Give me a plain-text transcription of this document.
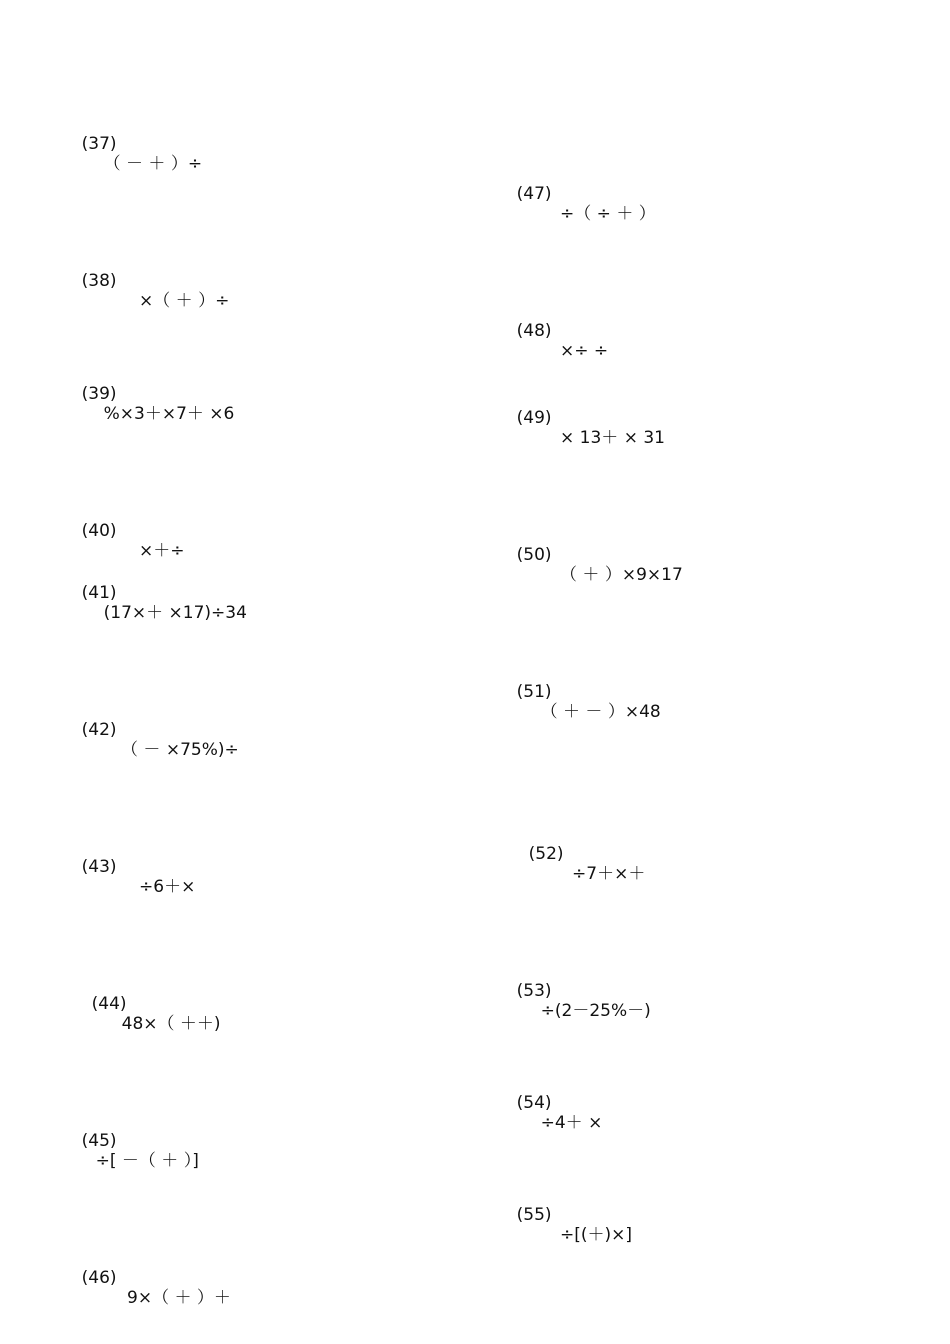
(37)
（ － ＋ ）÷

(38)
×（ ＋ ）÷

(39)
%×3＋×7＋ ×6

(40)
×＋÷

(41)
(17×＋ ×17)÷34

(42)
（ － ×75%)÷

(43)
÷6＋×

(44)
48×（ ＋＋)

(45)
÷[ －（ ＋ ）]

(46)
9×（ ＋ ）＋

(47)
÷（ ÷ ＋ ）

(48)
×÷ ÷

(49)
× 13＋ × 31

(50)
（ ＋ ）×9×17

(51)
（ ＋ － ）×48

(52)
÷7＋×＋

(53)
÷(2－25%－)

(54)
÷4＋ ×

(55)
÷[(＋)×]
